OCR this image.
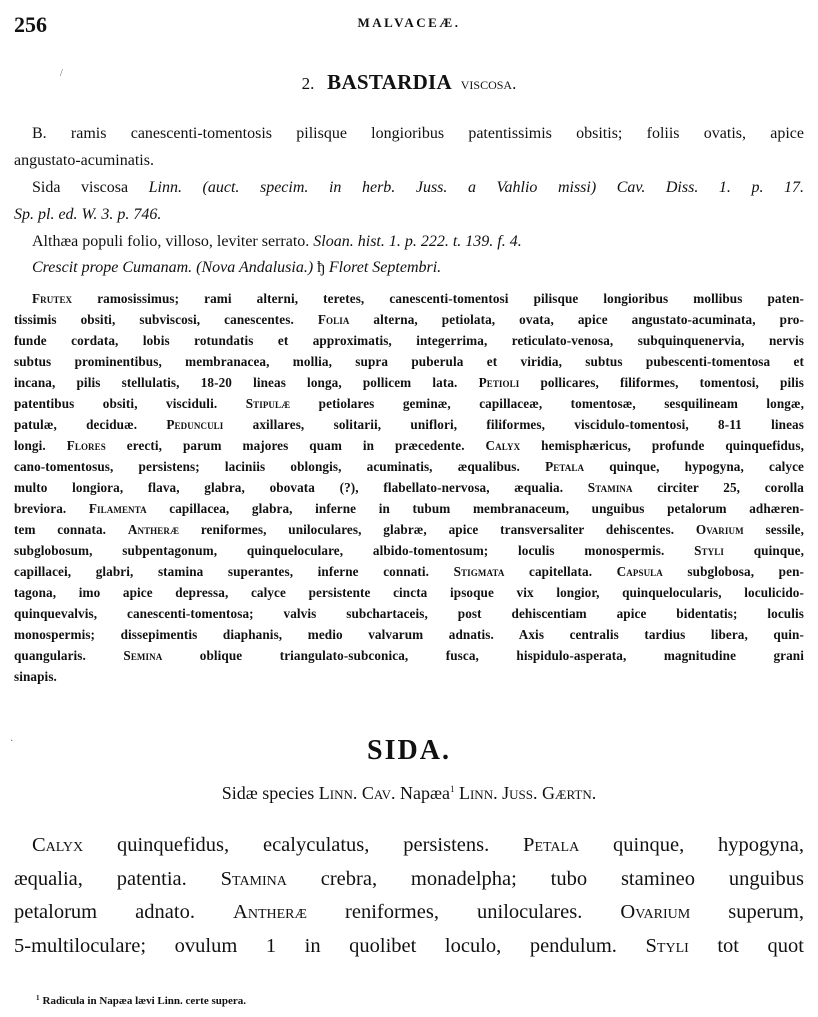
256	MALVACEÆ.
2. BASTARDIA viscosa.
B. ramis canescenti-tomentosis pilisque longioribus patentissimis obsitis; foliis ovatis, apice
angustato-acuminatis.
Sida viscosa Linn. (auct. specim. in herb. Juss. a Vahlio missi) Cav. Diss. 1. p. 17.
Sp. pl. ed. W. 3. p. 746.
Althæa populi folio, villoso, leviter serrato. Sloan. hist. 1. p. 222. t. 139. f. 4.
Crescit prope Cumanam. (Nova Andalusia.) ђ Floret Septembri.
Frutex ramosissimus; rami alterni, teretes, canescenti-tomentosi pilisque longioribus mollibus paten-
tissimis obsiti, subviscosi, canescentes. Folia alterna, petiolata, ovata, apice angustato-acuminata, pro-
funde cordata, lobis rotundatis et approximatis, integerrima, reticulato-venosa, subquinquenervia, nervis
subtus prominentibus, membranacea, mollia, supra puberula et viridia, subtus pubescenti-tomentosa et
incana, pilis stellulatis, 18-20 lineas longa, pollicem lata. Petioli pollicares, filiformes, tomentosi, pilis
patentibus obsiti, visciduli. Stipulæ petiolares geminæ, capillaceæ, tomentosæ, sesquilineam longæ,
patulæ, deciduæ. Pedunculi axillares, solitarii, uniflori, filiformes, viscidulo-tomentosi, 8-11 lineas
longi. Flores erecti, parum majores quam in præcedente. Calyx hemisphæricus, profunde quinquefidus,
cano-tomentosus, persistens; laciniis oblongis, acuminatis, æqualibus. Petala quinque, hypogyna, calyce
multo longiora, flava, glabra, obovata (?), flabellato-nervosa, æqualia. Stamina circiter 25, corolla
breviora. Filamenta capillacea, glabra, inferne in tubum membranaceum, unguibus petalorum adhæren-
tem connata. Antheræ reniformes, uniloculares, glabræ, apice transversaliter dehiscentes. Ovarium sessile,
subglobosum, subpentagonum, quinqueloculare, albido-tomentosum; loculis monospermis. Styli quinque,
capillacei, glabri, stamina superantes, inferne connati. Stigmata capitellata. Capsula subglobosa, pen-
tagona, imo apice depressa, calyce persistente cincta ipsoque vix longior, quinquelocularis, loculicido-
quinquevalvis, canescenti-tomentosa; valvis subchartaceis, post dehiscentiam apice bidentatis; loculis
monospermis; dissepimentis diaphanis, medio valvarum adnatis. Axis centralis tardius libera, quin-
quangularis. Semina oblique triangulato-subconica, fusca, hispidulo-asperata, magnitudine grani
sinapis.
SIDA.
Sidæ species Linn. Cav. Napæa$^1$ Linn. Juss. Gærtn.
Calyx quinquefidus, ecalyculatus, persistens. Petala quinque, hypogyna,
æqualia, patentia. Stamina crebra, monadelpha; tubo stamineo unguibus
petalorum adnato. Antheræ reniformes, uniloculares. Ovarium superum,
5-multiloculare; ovulum 1 in quolibet loculo, pendulum. Styli tot quot
$^1$ Radicula in Napæa lævi Linn. certe supera.
/
·
